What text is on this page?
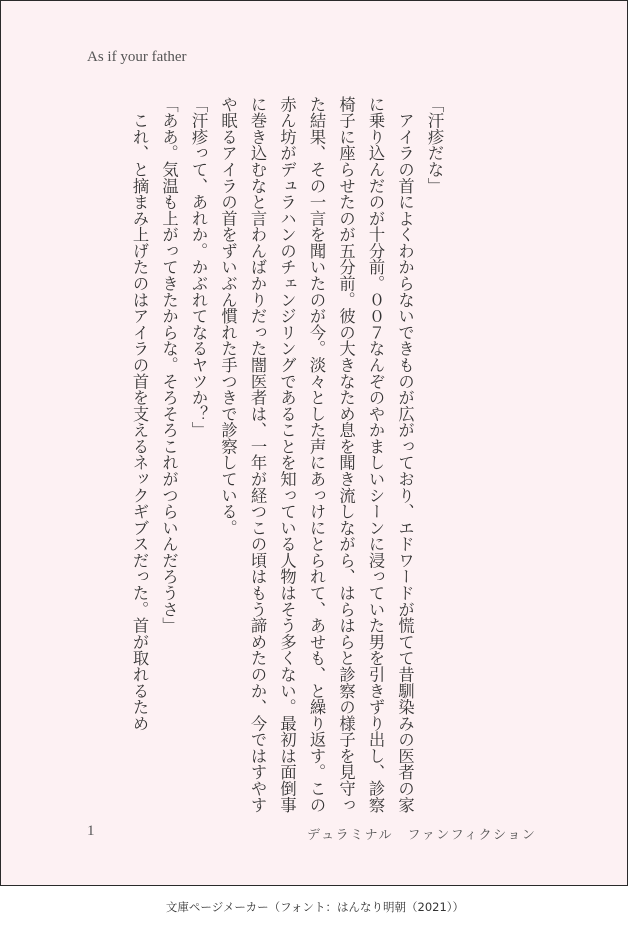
As if your father

「汗疹だな」

　アイラの首によくわからないできものが広がっており、エドワードが慌てて昔馴染みの医者の家に乗り込んだのが十分前。００７なんぞのやかましいシーンに浸っていた男を引きずり出し、診察椅子に座らせたのが五分前。彼の大きなため息を聞き流しながら、はらはらと診察の様子を見守った結果、その一言を聞いたのが今。淡々とした声にあっけにとられて、あせも、と繰り返す。この赤ん坊がデュラハンのチェンジリングであることを知っている人物はそう多くない。最初は面倒事に巻き込むなと言わんばかりだった闇医者は、一年が経つこの頃はもう諦めたのか、今ではすやすや眠るアイラの首をずいぶん慣れた手つきで診察している。

「汗疹って、あれか。かぶれてなるヤツか？」

「ああ。気温も上がってきたからな。そろそろこれがつらいんだろうさ」

　これ、と摘まみ上げたのはアイラの首を支えるネックギブスだった。首が取れるため

1	デュラミナル　ファンフィクション
文庫ページメーカー（フォント：はんなり明朝（2021））
